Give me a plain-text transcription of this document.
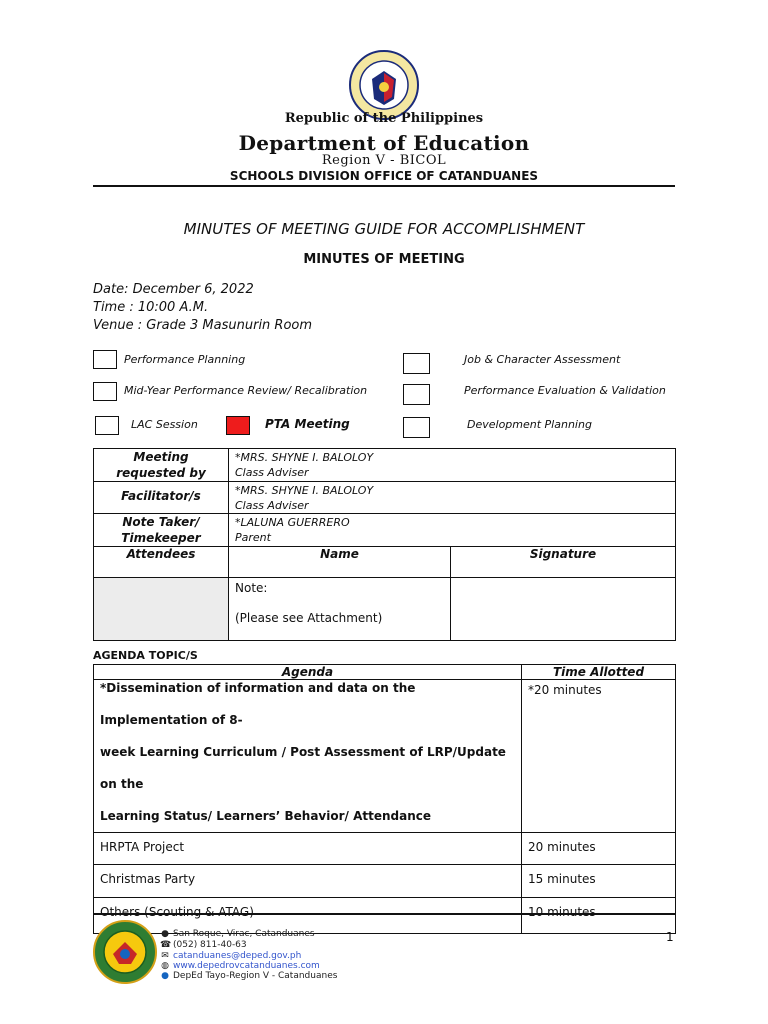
Republic of the Philippines
Department of Education
Region V - BICOL
SCHOOLS DIVISION OFFICE OF CATANDUANES
MINUTES OF MEETING GUIDE FOR ACCOMPLISHMENT
MINUTES OF MEETING
Date: December 6, 2022
Time : 10:00 A.M.
Venue : Grade 3 Masunurin Room
Performance Planning	Job & Character Assessment
Mid-Year Performance Review/ Recalibration	Performance Evaluation & Validation
LAC Session	PTA Meeting	Development Planning
Meeting requested by	*MRS. SHYNE I. BALOLOY
Class Adviser	

Facilitator/s	*MRS. SHYNE I. BALOLOY
Class Adviser	

Note Taker/ Timekeeper	*LALUNA GUERRERO
Parent	

Attendees	Name	Signature

	Note:
(Please see Attachment)	

AGENDA TOPIC/S
Agenda	Time Allotted

*Dissemination of information and data on the Implementation of 8-
week Learning Curriculum / Post Assessment of LRP/Update on the
Learning Status/ Learners’ Behavior/ Attendance	*20 minutes
HRPTA Project	20 minutes
Christmas Party	15 minutes
Others (Scouting & ATAG)	10 minutes
● San Roque, Virac, Catanduanes
☎ (052) 811-40-63
✉ catanduanes@deped.gov.ph
◍ www.depedrovcatanduanes.com
● DepEd Tayo-Region V - Catanduanes
1
